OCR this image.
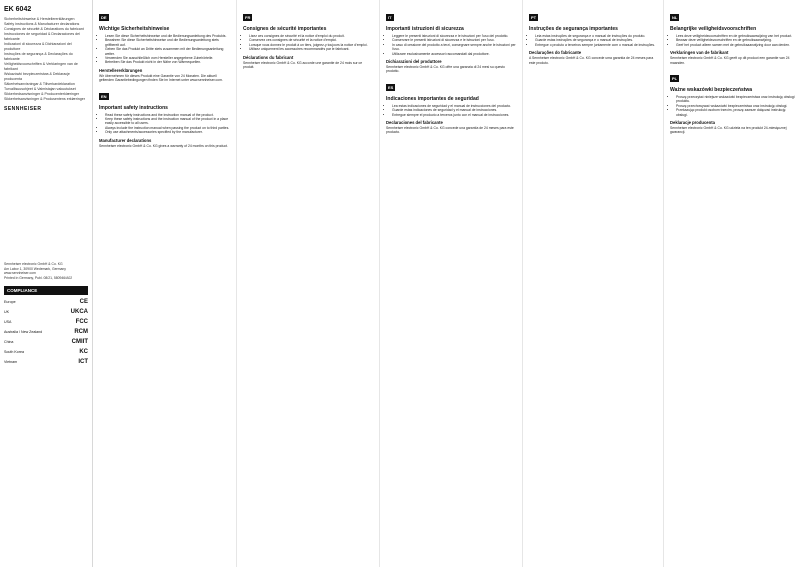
EK 6042
Sicherheitshinweise & Herstellererklärungen
Safety instructions & Manufacturer declarations
Consignes de sécurité & Déclarations du fabricant
Instrucciones de seguridad & Declaraciones del fabricante
Indicazioni di sicurezza & Dichiarazioni del produttore
Instruções de segurança & Declarações do fabricante
Veiligheidsvoorschriften & Verklaringen van de fabrikant
Wskazówki bezpieczeństwa & Deklaracje producenta
Säkerhetsanvisningar & Tillverkardeklaration
Turvallisuusohjeet & Valmistajan vakuutukset
Sikkerhedsanvisninger & Producenterklæringer
Sikkerhetsanvisninger & Produsentens erklæringer
SENNHEISER
Sennheiser electronic GmbH & Co. KG
Am Labor 1, 30900 Wedemark, Germany
www.sennheiser.com
Printed in Germany, Publ. 08/21, 580946/A02
COMPLIANCE
Europe	CE
UK	UKCA
USA	FCC
Australia / New Zealand	RCM
China	CMIIT
South Korea	KC
Vietnam	ICT
DE
Wichtige Sicherheitshinweise
• Lesen Sie diese Sicherheitshinweise und die Bedienungsanleitung des Produkts.
• Bewahren Sie diese Sicherheitshinweise und die Bedienungsanleitung stets griffbereit auf.
• Geben Sie das Produkt an Dritte stets zusammen mit der Bedienungsanleitung weiter.
• Verwenden Sie ausschließlich vom Hersteller angegebene Zubehörteile.
• Betreiben Sie das Produkt nicht in der Nähe von Wärmequellen.
Herstellererklärungen

Wir übernehmen für dieses Produkt eine Garantie von 24 Monaten. Die aktuell geltenden Garantiebedingungen finden Sie im Internet unter www.sennheiser.com.

EN
Important safety instructions
• Read these safety instructions and the instruction manual of the product.
• Keep these safety instructions and the instruction manual of the product in a place easily accessible to all users.
• Always include the instruction manual when passing the product on to third parties.
• Only use attachments/accessories specified by the manufacturer.
Manufacturer declarations

Sennheiser electronic GmbH & Co. KG gives a warranty of 24 months on this product.

FR
Consignes de sécurité importantes
• Lisez ces consignes de sécurité et la notice d'emploi du produit.
• Conservez ces consignes de sécurité et la notice d'emploi.
• Lorsque vous donnez le produit à un tiers, joignez-y toujours la notice d'emploi.
• Utilisez uniquement les accessoires recommandés par le fabricant.
Déclarations du fabricant

Sennheiser electronic GmbH & Co. KG accorde une garantie de 24 mois sur ce produit.

IT
Importanti istruzioni di sicurezza
• Leggere le presenti istruzioni di sicurezza e le istruzioni per l'uso del prodotto.
• Conservare le presenti istruzioni di sicurezza e le istruzioni per l'uso.
• In caso di cessione del prodotto a terzi, consegnare sempre anche le istruzioni per l'uso.
• Utilizzare esclusivamente accessori raccomandati dal produttore.
Dichiarazioni del produttore

Sennheiser electronic GmbH & Co. KG offre una garanzia di 24 mesi su questo prodotto.

ES
Indicaciones importantes de seguridad
• Lea estas indicaciones de seguridad y el manual de instrucciones del producto.
• Guarde estas indicaciones de seguridad y el manual de instrucciones.
• Entregue siempre el producto a terceros junto con el manual de instrucciones.
Declaraciones del fabricante

Sennheiser electronic GmbH & Co. KG concede una garantía de 24 meses para este producto.

PT
Instruções de segurança importantes
• Leia estas instruções de segurança e o manual de instruções do produto.
• Guarde estas instruções de segurança e o manual de instruções.
• Entregue o produto a terceiros sempre juntamente com o manual de instruções.
Declarações do fabricante

A Sennheiser electronic GmbH & Co. KG concede uma garantia de 24 meses para este produto.

NL
Belangrijke veiligheidsvoorschriften
• Lees deze veiligheidsvoorschriften en de gebruiksaanwijzing van het product.
• Bewaar deze veiligheidsvoorschriften en de gebruiksaanwijzing.
• Geef het product alleen samen met de gebruiksaanwijzing door aan derden.
Verklaringen van de fabrikant

Sennheiser electronic GmbH & Co. KG geeft op dit product een garantie van 24 maanden.

PL
Ważne wskazówki bezpieczeństwa
• Proszę przeczytać niniejsze wskazówki bezpieczeństwa oraz instrukcję obsługi produktu.
• Proszę przechowywać wskazówki bezpieczeństwa oraz instrukcję obsługi.
• Przekazując produkt osobom trzecim, proszę zawsze dołączać instrukcję obsługi.
Deklaracje producenta

Sennheiser electronic GmbH & Co. KG udziela na ten produkt 24-miesięcznej gwarancji.
